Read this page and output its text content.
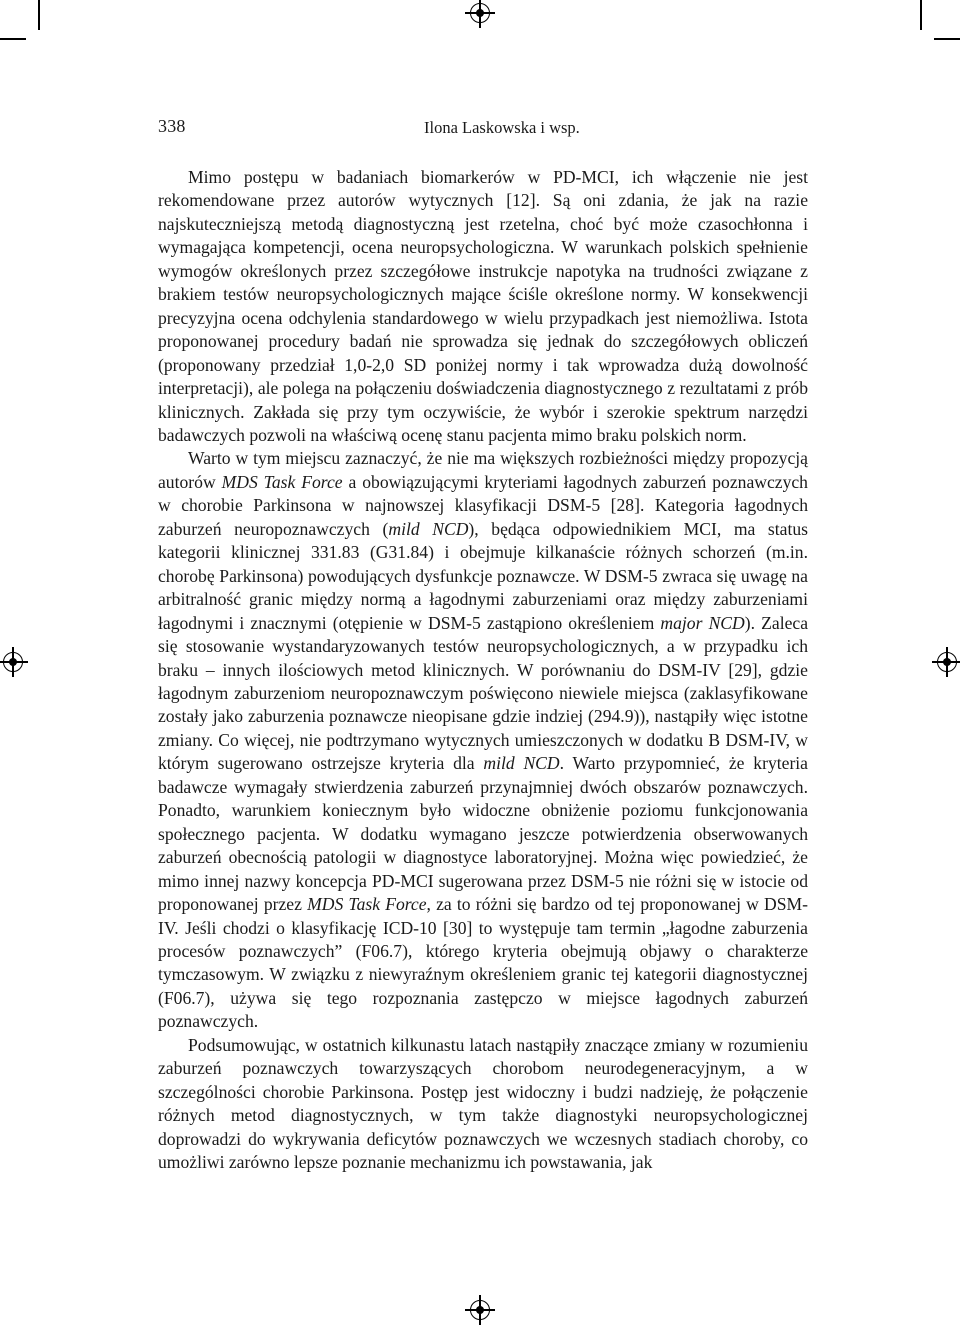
338	Ilona Laskowska i wsp.

Mimo postępu w badaniach biomarkerów w PD-MCI, ich włączenie nie jest rekomendowane przez autorów wytycznych [12]. Są oni zdania, że jak na razie najskuteczniejszą metodą diagnostyczną jest rzetelna, choć być może czasochłonna i wymagająca kompetencji, ocena neuropsychologiczna. W warunkach polskich spełnienie wymogów określonych przez szczegółowe instrukcje napotyka na trudności związane z brakiem testów neuropsychologicznych mające ściśle określone normy. W konsekwencji precyzyjna ocena odchylenia standardowego w wielu przypadkach jest niemożliwa. Istota proponowanej procedury badań nie sprowadza się jednak do szczegółowych obliczeń (proponowany przedział 1,0-2,0 SD poniżej normy i tak wprowadza dużą dowolność interpretacji), ale polega na połączeniu doświadczenia diagnostycznego z rezultatami z prób klinicznych. Zakłada się przy tym oczywiście, że wybór i szerokie spektrum narzędzi badawczych pozwoli na właściwą ocenę stanu pacjenta mimo braku polskich norm.

Warto w tym miejscu zaznaczyć, że nie ma większych rozbieżności między propozycją autorów MDS Task Force a obowiązującymi kryteriami łagodnych zaburzeń poznawczych w chorobie Parkinsona w najnowszej klasyfikacji DSM-5 [28]. Kategoria łagodnych zaburzeń neuropoznawczych (mild NCD), będąca odpowiednikiem MCI, ma status kategorii klinicznej 331.83 (G31.84) i obejmuje kilkanaście różnych schorzeń (m.in. chorobę Parkinsona) powodujących dysfunkcje poznawcze. W DSM-5 zwraca się uwagę na arbitralność granic między normą a łagodnymi zaburzeniami oraz między zaburzeniami łagodnymi i znacznymi (otępienie w DSM-5 zastąpiono określeniem major NCD). Zaleca się stosowanie wystandaryzowanych testów neuropsychologicznych, a w przypadku ich braku – innych ilościowych metod klinicznych. W porównaniu do DSM-IV [29], gdzie łagodnym zaburzeniom neuropoznawczym poświęcono niewiele miejsca (zaklasyfikowane zostały jako zaburzenia poznawcze nieopisane gdzie indziej (294.9)), nastąpiły więc istotne zmiany. Co więcej, nie podtrzymano wytycznych umieszczonych w dodatku B DSM-IV, w którym sugerowano ostrzejsze kryteria dla mild NCD. Warto przypomnieć, że kryteria badawcze wymagały stwierdzenia zaburzeń przynajmniej dwóch obszarów poznawczych. Ponadto, warunkiem koniecznym było widoczne obniżenie poziomu funkcjonowania społecznego pacjenta. W dodatku wymagano jeszcze potwierdzenia obserwowanych zaburzeń obecnością patologii w diagnostyce laboratoryjnej. Można więc powiedzieć, że mimo innej nazwy koncepcja PD-MCI sugerowana przez DSM-5 nie różni się w istocie od proponowanej przez MDS Task Force, za to różni się bardzo od tej proponowanej w DSM-IV. Jeśli chodzi o klasyfikację ICD-10 [30] to występuje tam termin „łagodne zaburzenia procesów poznawczych” (F06.7), którego kryteria obejmują objawy o charakterze tymczasowym. W związku z niewyraźnym określeniem granic tej kategorii diagnostycznej (F06.7), używa się tego rozpoznania zastępczo w miejsce łagodnych zaburzeń poznawczych.

Podsumowując, w ostatnich kilkunastu latach nastąpiły znaczące zmiany w rozumieniu zaburzeń poznawczych towarzyszących chorobom neurodegeneracyjnym, a w szczególności chorobie Parkinsona. Postęp jest widoczny i budzi nadzieję, że połączenie różnych metod diagnostycznych, w tym także diagnostyki neuropsychologicznej doprowadzi do wykrywania deficytów poznawczych we wczesnych stadiach choroby, co umożliwi zarówno lepsze poznanie mechanizmu ich powstawania, jak
